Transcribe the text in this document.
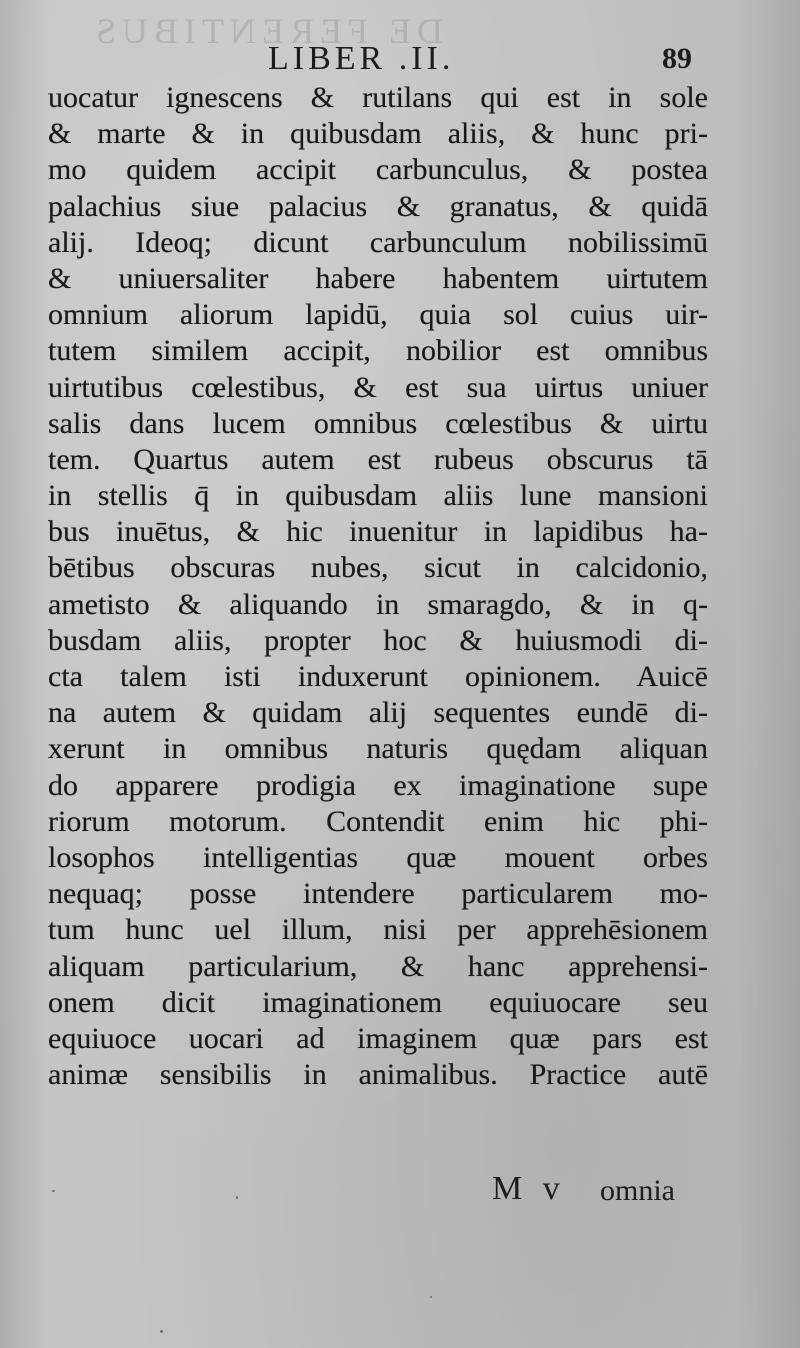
DE FERENTIBUS
LIBER .II.	89
uocatur ignescens & rutilans qui est in sole
& marte & in quibusdam aliis, & hunc pri-
mo quidem accipit carbunculus, & postea
palachius siue palacius & granatus, & quidā
alij. Ideoq; dicunt carbunculum nobilissimū
& uniuersaliter habere habentem uirtutem
omnium aliorum lapidū, quia sol cuius uir-
tutem similem accipit, nobilior est omnibus
uirtutibus cœlestibus, & est sua uirtus uniuer
salis dans lucem omnibus cœlestibus & uirtu
tem. Quartus autem est rubeus obscurus tā
in stellis q̄ in quibusdam aliis lune mansioni
bus inuētus, & hic inuenitur in lapidibus ha-
bētibus obscuras nubes, sicut in calcidonio,
ametisto & aliquando in smaragdo, & in q-
busdam aliis, propter hoc & huiusmodi di-
cta talem isti induxerunt opinionem. Auicē
na autem & quidam alij sequentes eundē di-
xerunt in omnibus naturis quędam aliquan
do apparere prodigia ex imaginatione supe
riorum motorum. Contendit enim hic phi-
losophos intelligentias quæ mouent orbes
nequaq; posse intendere particularem mo-
tum hunc uel illum, nisi per apprehēsionem
aliquam particularium, & hanc apprehensi-
onem dicit imaginationem equiuocare seu
equiuoce uocari ad imaginem quæ pars est
animæ sensibilis in animalibus. Practice autē
M v omnia
